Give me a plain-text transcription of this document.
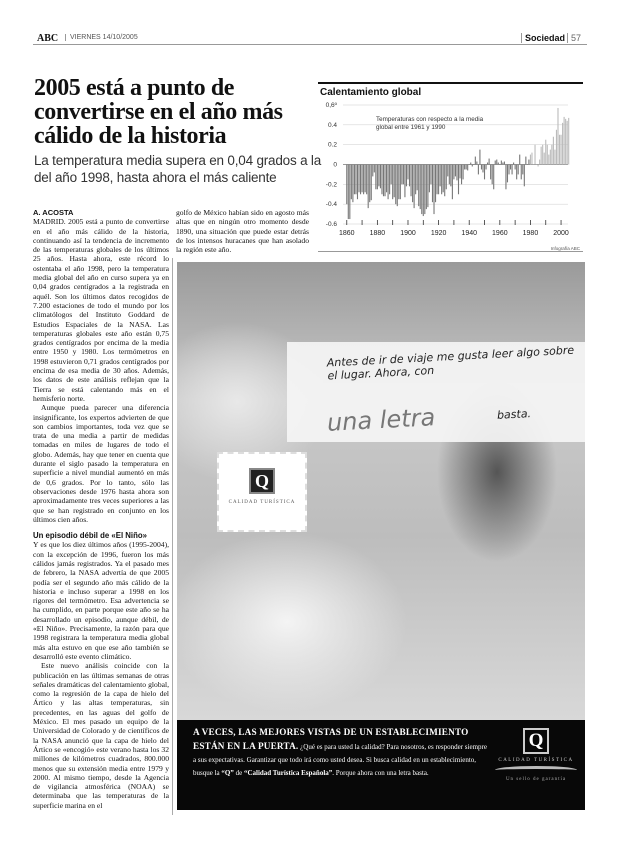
ABC	VIERNES 14/10/2005	Sociedad 57
2005 está a punto de convertirse en el año más cálido de la historia
La temperatura media supera en 0,04 grados a la del año 1998, hasta ahora el más caliente
A. ACOSTA

MADRID. 2005 está a punto de convertirse en el año más cálido de la historia, continuando así la tendencia de incremento de las temperaturas globales de los últimos 25 años. Hasta ahora, este récord lo ostentaba el año 1998, pero la temperatura media global del año en curso supera ya en 0,04 grados centígrados a la registrada en aquél. Son los últimos datos recogidos de 7.200 estaciones de todo el mundo por los climatólogos del Instituto Goddard de Estudios Espaciales de la NASA. Las temperaturas globales este año están 0,75 grados centígrados por encima de la media entre 1950 y 1980. Los termómetros en 1998 estuvieron 0,71 grados centígrados por encima de esa media de 30 años. Además, los datos de este análisis reflejan que la Tierra se está calentando más en el hemisferio norte.

Aunque pueda parecer una diferencia insignificante, los expertos advierten de que son cambios importantes, toda vez que se trata de una media a partir de medidas tomadas en miles de lugares de todo el globo. Además, hay que tener en cuenta que durante el siglo pasado la temperatura en superficie a nivel mundial aumentó en más de 0,6 grados. Por lo tanto, sólo las observaciones desde 1976 hasta ahora son aproximadamente tres veces superiores a las que se han registrado en conjunto en los últimos cien años.

Un episodio débil de «El Niño»

Y es que los diez últimos años (1995-2004), con la excepción de 1996, fueron los más cálidos jamás registrados. Ya el pasado mes de febrero, la NASA advertía de que 2005 podía ser el segundo año más cálido de la historia e incluso superar a 1998 en los rigores del termómetro. Esa advertencia se ha cumplido, en parte porque este año se ha desarrollado un episodio, aunque débil, de «El Niño». Precisamente, la razón para que 1998 registrara la temperatura media global más alta estuvo en que ese año también se desarrolló este evento climático.

Este nuevo análisis coincide con la publicación en las últimas semanas de otras señales dramáticas del calentamiento global, como la regresión de la capa de hielo del Ártico y las altas temperaturas, sin precedentes, en las aguas del golfo de México. El mes pasado un equipo de la Universidad de Colorado y de científicos de la NASA anunció que la capa de hielo del Ártico se «encogió» este verano hasta los 32 millones de kilómetros cuadrados, 800.000 menos que su extensión media entre 1979 y 2000. Al mismo tiempo, desde la Agencia de vigilancia atmosférica (NOAA) se determinaba que las temperaturas de la superficie marina en el

golfo de México habían sido en agosto más altas que en ningún otro momento desde 1890, una situación que puede estar detrás de los intensos huracanes que han asolado la región este año.

Calentamiento global
0,6º
0.4
0.2
0
-0.2
-0.4
-0.6
1860 1880 1900 1920 1940 1960 1980 2000
Temperaturas con respecto a la media global entre 1961 y 1990
Infografía ABC
Antes de ir de viaje me gusta leer algo sobre el lugar. Ahora, con
una letra	basta.
Q
CALIDAD TURÍSTICA
A VECES, LAS MEJORES VISTAS DE UN ESTABLECIMIENTO ESTÁN EN LA PUERTA. ¿Qué es para usted la calidad? Para nosotros, es responder siempre a sus expectativas. Garantizar que todo irá como usted desea. Si busca calidad en un establecimiento, busque la “Q” de “Calidad Turística Española”. Porque ahora con una letra basta.
Q
CALIDAD TURÍSTICA
Un sello de garantía
